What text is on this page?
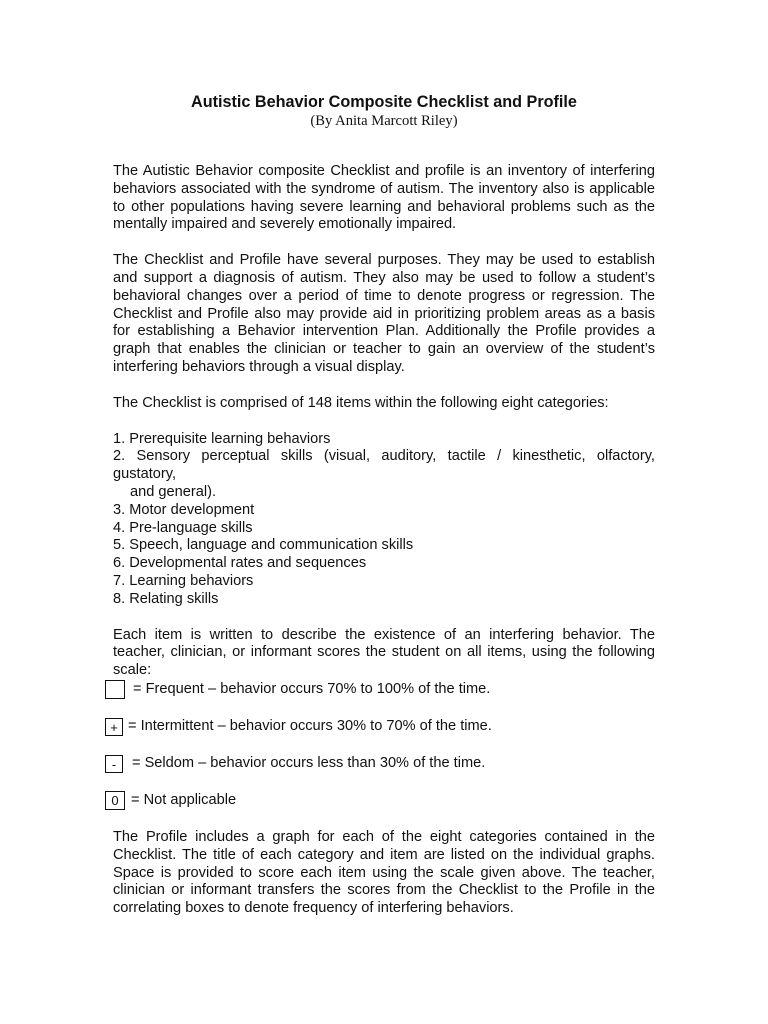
Autistic Behavior Composite Checklist and Profile
(By Anita Marcott Riley)

The Autistic Behavior composite Checklist and profile is an inventory of interfering behaviors associated with the syndrome of autism. The inventory also is applicable to other populations having severe learning and behavioral problems such as the mentally impaired and severely emotionally impaired.

The Checklist and Profile have several purposes. They may be used to establish and support a diagnosis of autism. They also may be used to follow a student’s behavioral changes over a period of time to denote progress or regression. The Checklist and Profile also may provide aid in prioritizing problem areas as a basis for establishing a Behavior intervention Plan. Additionally the Profile provides a graph that enables the clinician or teacher to gain an overview of the student’s interfering behaviors through a visual display.

The Checklist is comprised of 148 items within the following eight categories:

1. Prerequisite learning behaviors

2. Sensory perceptual skills (visual, auditory, tactile / kinesthetic, olfactory, gustatory,

and general).

3. Motor development

4. Pre-language skills

5. Speech, language and communication skills

6. Developmental rates and sequences

7. Learning behaviors

8. Relating skills

Each item is written to describe the existence of an interfering behavior. The teacher, clinician, or informant scores the student on all items, using the following scale:

= Frequent – behavior occurs 70% to 100% of the time.
+ = Intermittent – behavior occurs 30% to 70% of the time.
-	= Seldom – behavior occurs less than 30% of the time.
0 = Not applicable

The Profile includes a graph for each of the eight categories contained in the Checklist. The title of each category and item are listed on the individual graphs. Space is provided to score each item using the scale given above. The teacher, clinician or informant transfers the scores from the Checklist to the Profile in the correlating boxes to denote frequency of interfering behaviors.
